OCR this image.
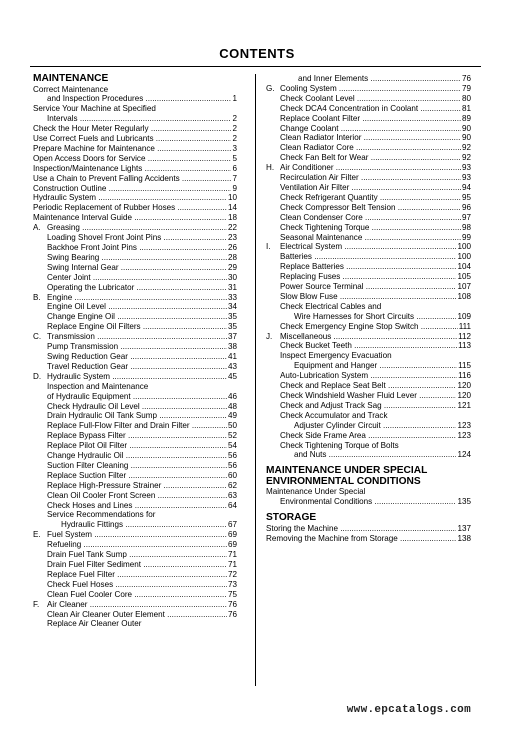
CONTENTS
MAINTENANCE
Correct Maintenance
and Inspection Procedures .....	1
Service Your Machine at Specified
Intervals .....	2
Check the Hour Meter Regularly .....	2
Use Correct Fuels and Lubricants .....	2
Prepare Machine for Maintenance .....	3
Open Access Doors for Service .....	5
Inspection/Maintenance Lights .....	6
Use a Chain to Prevent Falling Accidents .....	7
Construction Outline .....	9
Hydraulic System .....	10
Periodic Replacement of Rubber Hoses .....	14
Maintenance Interval Guide .....	18
A. Greasing .....	22
Loading Shovel Front Joint Pins .....	23
Backhoe Front Joint Pins .....	26
Swing Bearing .....	28
Swing Internal Gear .....	29
Center Joint .....	30
Operating the Lubricator .....	31
B. Engine .....	33
Engine Oil Level .....	34
Change Engine Oil .....	35
Replace Engine Oil Filters .....	35
C. Transmission .....	37
Pump Transmission .....	38
Swing Reduction Gear .....	41
Travel Reduction Gear .....	43
D. Hydraulic System .....	45
Inspection and Maintenance
of Hydraulic Equipment .....	46
Check Hydraulic Oil Level .....	48
Drain Hydraulic Oil Tank Sump .....	49
Replace Full-Flow Filter and Drain Filter .....	50
Replace Bypass Filter .....	52
Replace Pilot Oil Filter .....	54
Change Hydraulic Oil .....	56
Suction Filter Cleaning .....	56
Replace Suction Filter .....	60
Replace High-Pressure Strainer .....	62
Clean Oil Cooler Front Screen .....	63
Check Hoses and Lines .....	64
Service Recommendations for
Hydraulic Fittings .....	67
E. Fuel System .....	69
Refueling .....	69
Drain Fuel Tank Sump .....	71
Drain Fuel Filter Sediment .....	71
Replace Fuel Filter .....	72
Check Fuel Hoses .....	73
Clean Fuel Cooler Core .....	75
F. Air Cleaner .....	76
Clean Air Cleaner Outer Element .....	76
Replace Air Cleaner Outer
and Inner Elements .....	76
G. Cooling System .....	79
Check Coolant Level .....	80
Check DCA4 Concentration in Coolant .....	81
Replace Coolant Filter .....	89
Change Coolant .....	90
Clean Radiator Interior .....	90
Clean Radiator Core .....	92
Check Fan Belt for Wear .....	92
H. Air Conditioner .....	93
Recirculation Air Filter .....	93
Ventilation Air Filter .....	94
Check Refrigerant Quantity .....	95
Check Compressor Belt Tension .....	96
Clean Condenser Core .....	97
Check Tightening Torque .....	98
Seasonal Maintenance .....	99
I. Electrical System .....	100
Batteries .....	100
Replace Batteries .....	104
Replacing Fuses .....	105
Power Source Terminal .....	107
Slow Blow Fuse .....	108
Check Electrical Cables and
Wire Harnesses for Short Circuits .....	109
Check Emergency Engine Stop Switch .....	111
J. Miscellaneous .....	112
Check Bucket Teeth .....	113
Inspect Emergency Evacuation
Equipment and Hanger .....	115
Auto-Lubrication System .....	116
Check and Replace Seat Belt .....	120
Check Windshield Washer Fluid Lever .....	120
Check and Adjust Track Sag .....	121
Check Accumulator and Track
Adjuster Cylinder Circuit .....	123
Check Side Frame Area .....	123
Check Tightening Torque of Bolts
and Nuts .....	124
MAINTENANCE UNDER SPECIAL
ENVIRONMENTAL CONDITIONS
Maintenance Under Special
Environmental Conditions .....	135
STORAGE
Storing the Machine .....	137
Removing the Machine from Storage .....	138
www.epcatalogs.com
